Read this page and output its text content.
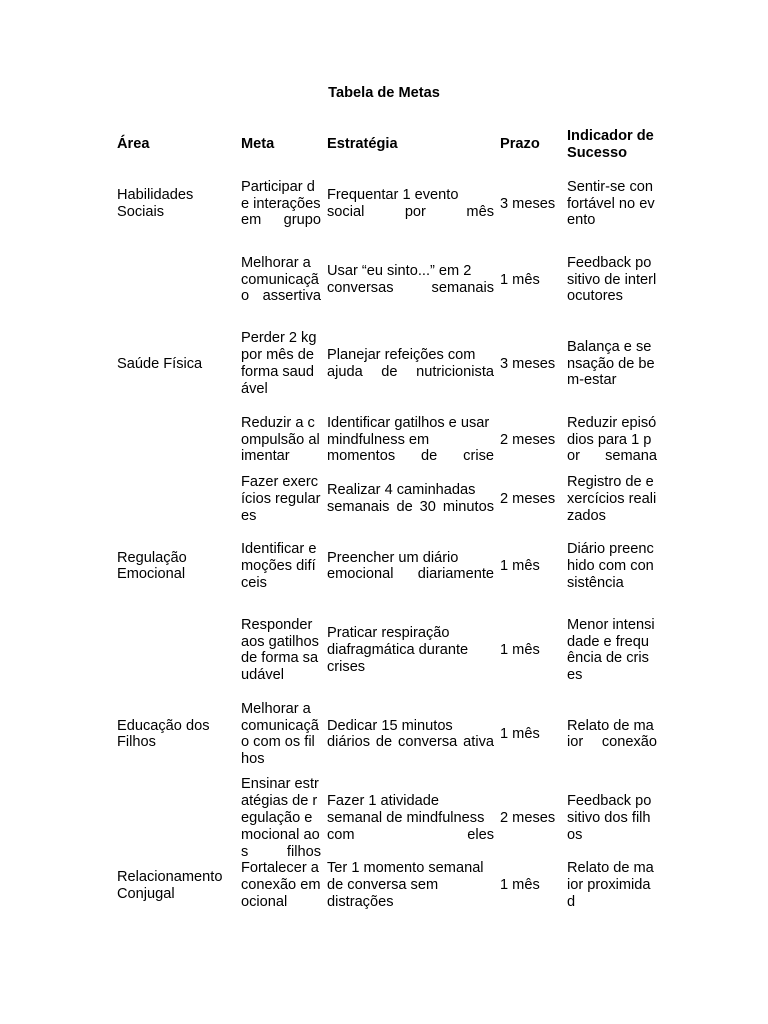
Tabela de Metas
Área	Meta	Estratégia	Prazo	Indicador de Sucesso
Habilidades Sociais	Participar de interações em grupo	Frequentar 1 evento social por mês	3 meses	Sentir-se confortável no evento
	Melhorar a comunicação assertiva	Usar “eu sinto...” em 2 conversas semanais	1 mês	Feedback positivo de interlocutores
Saúde Física	Perder 2 kg por mês de forma saudável	Planejar refeições com ajuda de nutricionista	3 meses	Balança e sensação de bem-estar
	Reduzir a compulsão alimentar	Identificar gatilhos e usar mindfulness em momentos de crise	2 meses	Reduzir episódios para 1 por semana
	Fazer exercícios regulares	Realizar 4 caminhadas semanais de 30 minutos	2 meses	Registro de exercícios realizados
Regulação Emocional	Identificar emoções difíceis	Preencher um diário emocional diariamente	1 mês	Diário preenchido com consistência
	Responder aos gatilhos de forma saudável	Praticar respiração diafragmática durante crises	1 mês	Menor intensidade e frequência de crises
Educação dos Filhos	Melhorar a comunicação com os filhos	Dedicar 15 minutos diários de conversa ativa	1 mês	Relato de maior conexão
	Ensinar estratégias de regulação emocional aos filhos	Fazer 1 atividade semanal de mindfulness com eles	2 meses	Feedback positivo dos filhos
Relacionamento Conjugal	Fortalecer a conexão emocional	Ter 1 momento semanal de conversa sem distrações	1 mês	Relato de maior proximidad
